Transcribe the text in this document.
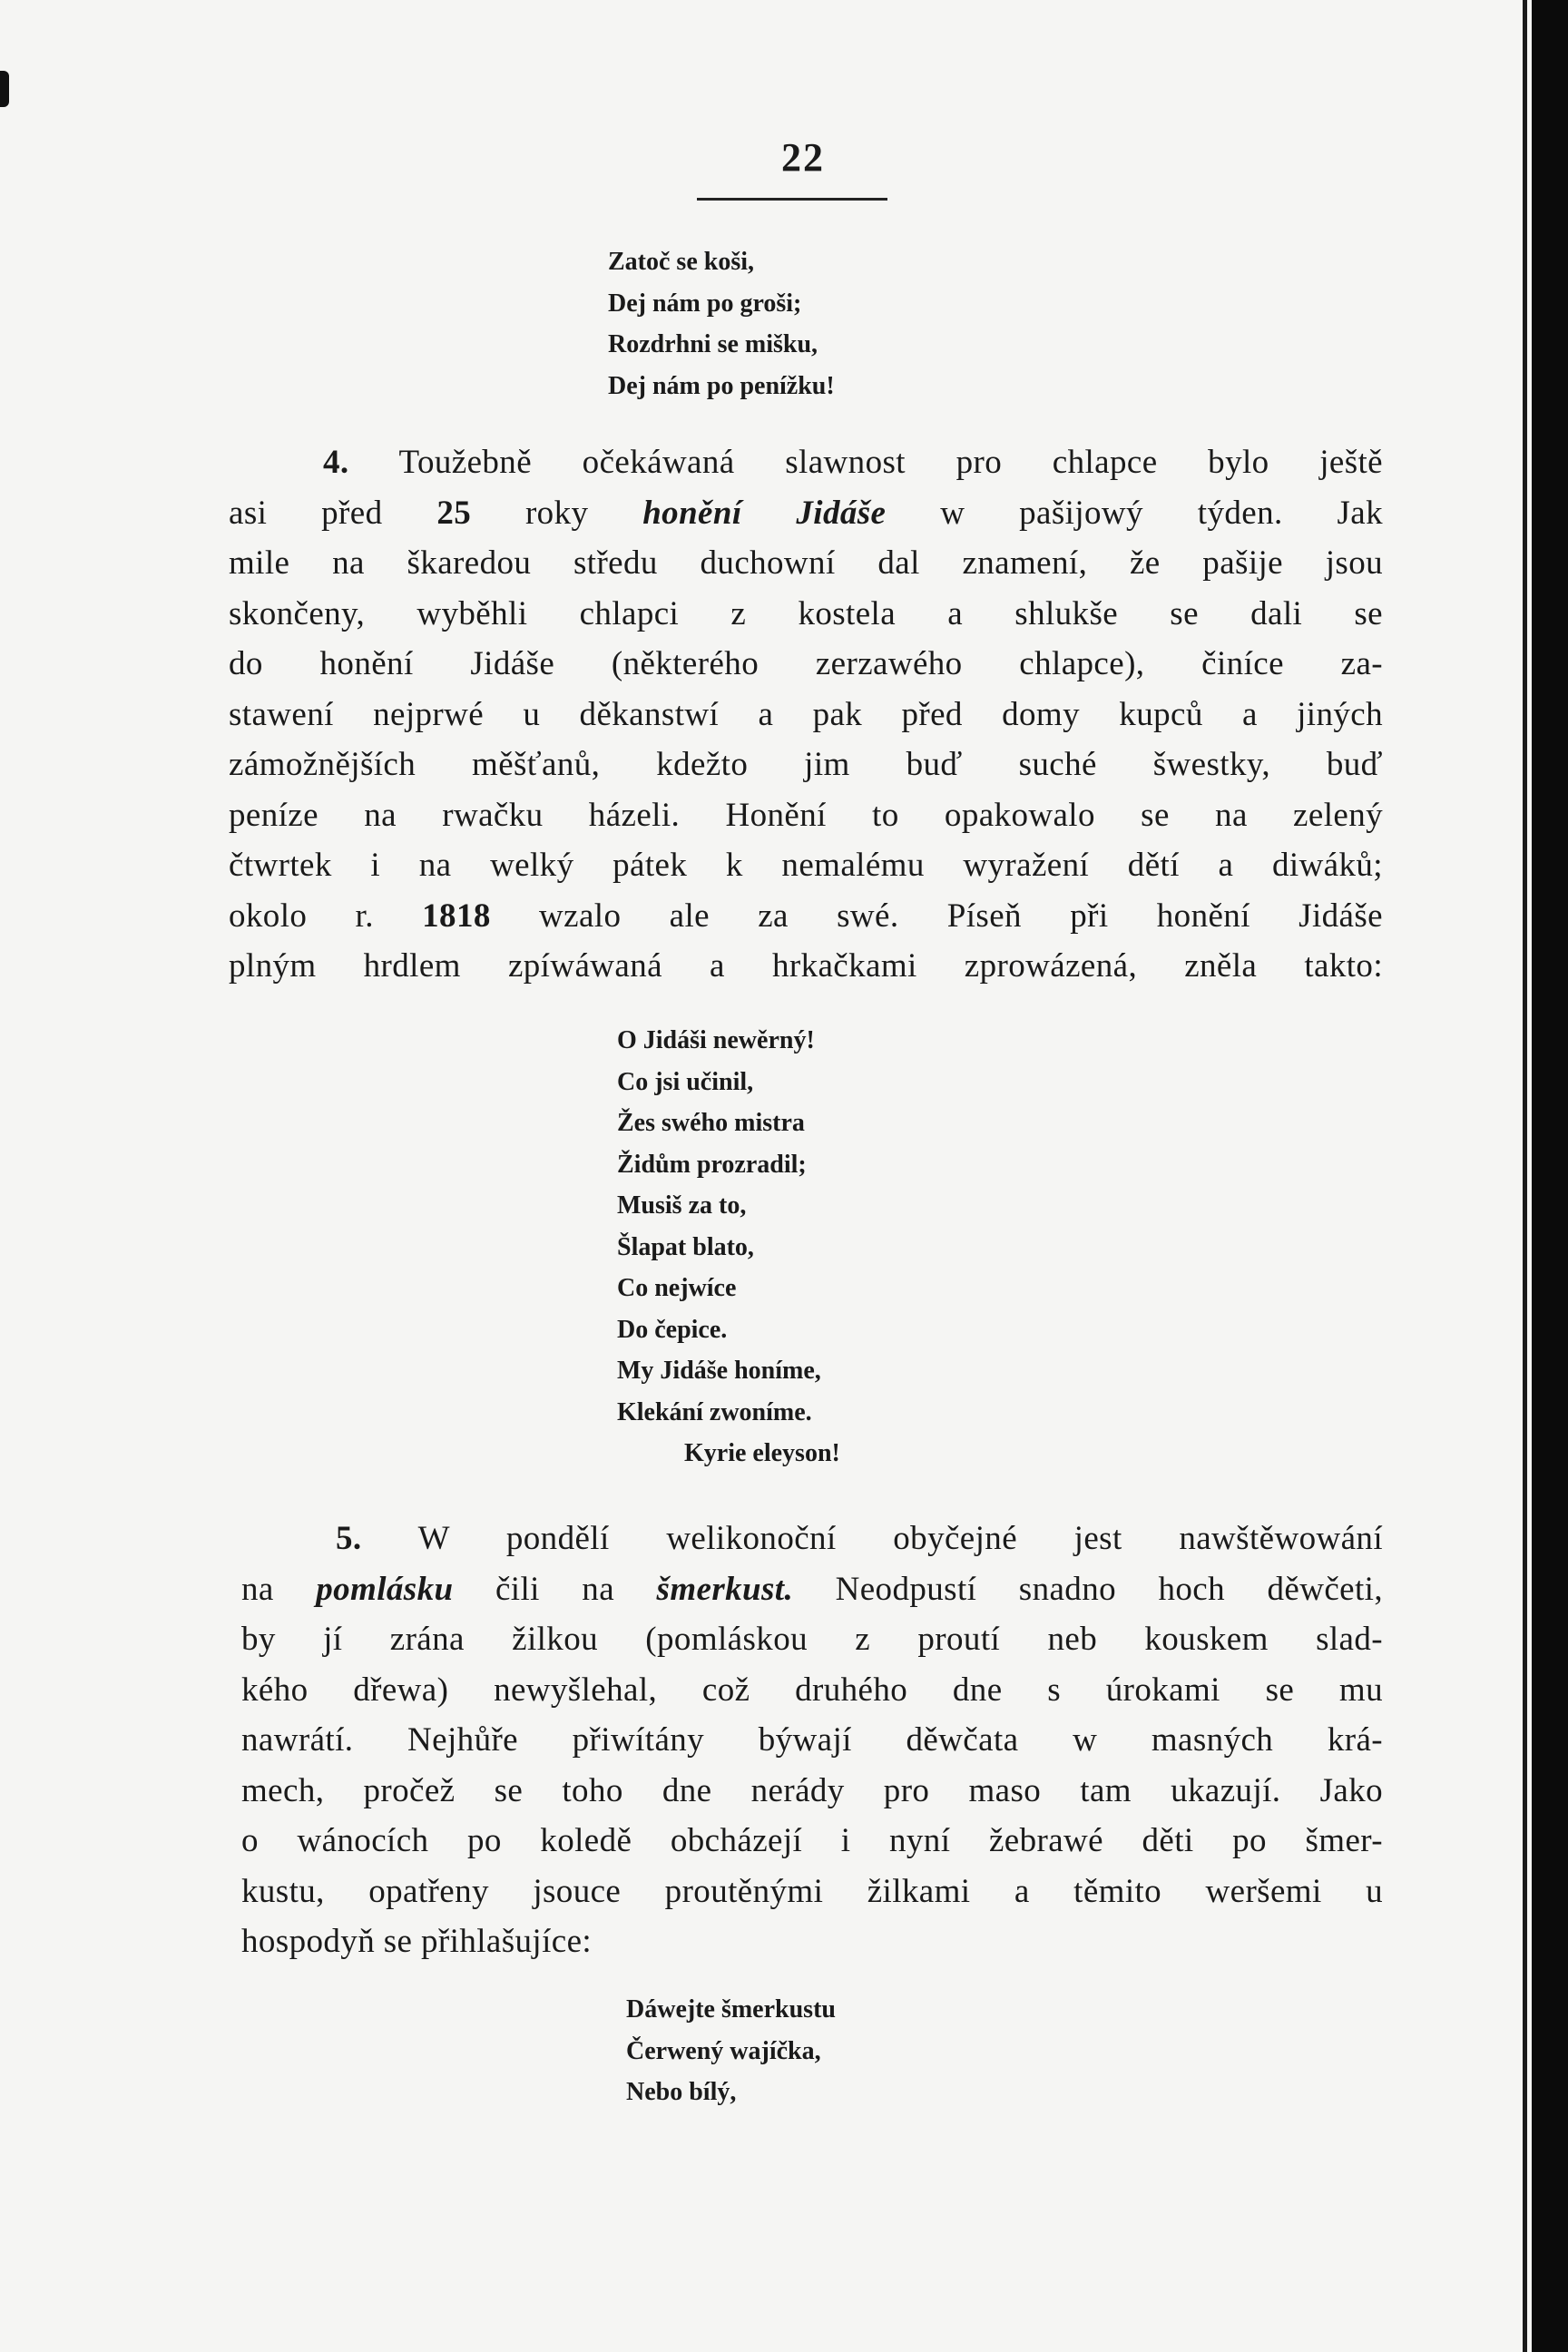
22
Zatoč se koši,
Dej nám po groši;
Rozdrhni se mišku,
Dej nám po penížku!
4. Toužebně očekáwaná slawnost pro chlapce bylo ještě
asi před 25 roky honění Jidáše w pašijowý týden. Jak
mile na škaredou středu duchowní dal znamení, že pašije jsou
skončeny, wyběhli chlapci z kostela a shlukše se dali se
do honění Jidáše (některého zerzawého chlapce), činíce za-
stawení nejprwé u děkanstwí a pak před domy kupců a jiných
zámožnějších měšťanů, kdežto jim buď suché šwestky, buď
peníze na rwačku házeli. Honění to opakowalo se na zelený
čtwrtek i na welký pátek k nemalému wyražení dětí a diwáků;
okolo r. 1818 wzalo ale za swé. Píseň při honění Jidáše
plným hrdlem zpíwáwaná a hrkačkami zprowázená, zněla takto:
O Jidáši newěrný!
Co jsi učinil,
Žes swého mistra
Židům prozradil;
Musiš za to,
Šlapat blato,
Co nejwíce
Do čepice.
My Jidáše honíme,
Klekání zwoníme.
Kyrie eleyson!
5. W pondělí welikonoční obyčejné jest nawštěwowání
na pomlásku čili na šmerkust. Neodpustí snadno hoch děwčeti,
by jí zrána žilkou (pomláskou z proutí neb kouskem slad-
kého dřewa) newyšlehal, což druhého dne s úrokami se mu
nawrátí. Nejhůře přiwítány býwají děwčata w masných krá-
mech, pročež se toho dne nerády pro maso tam ukazují. Jako
o wánocích po koledě obcházejí i nyní žebrawé děti po šmer-
kustu, opatřeny jsouce proutěnými žilkami a těmito weršemi u
hospodyň se přihlašujíce:
Dáwejte šmerkustu
Čerwený wajíčka,
Nebo bílý,
